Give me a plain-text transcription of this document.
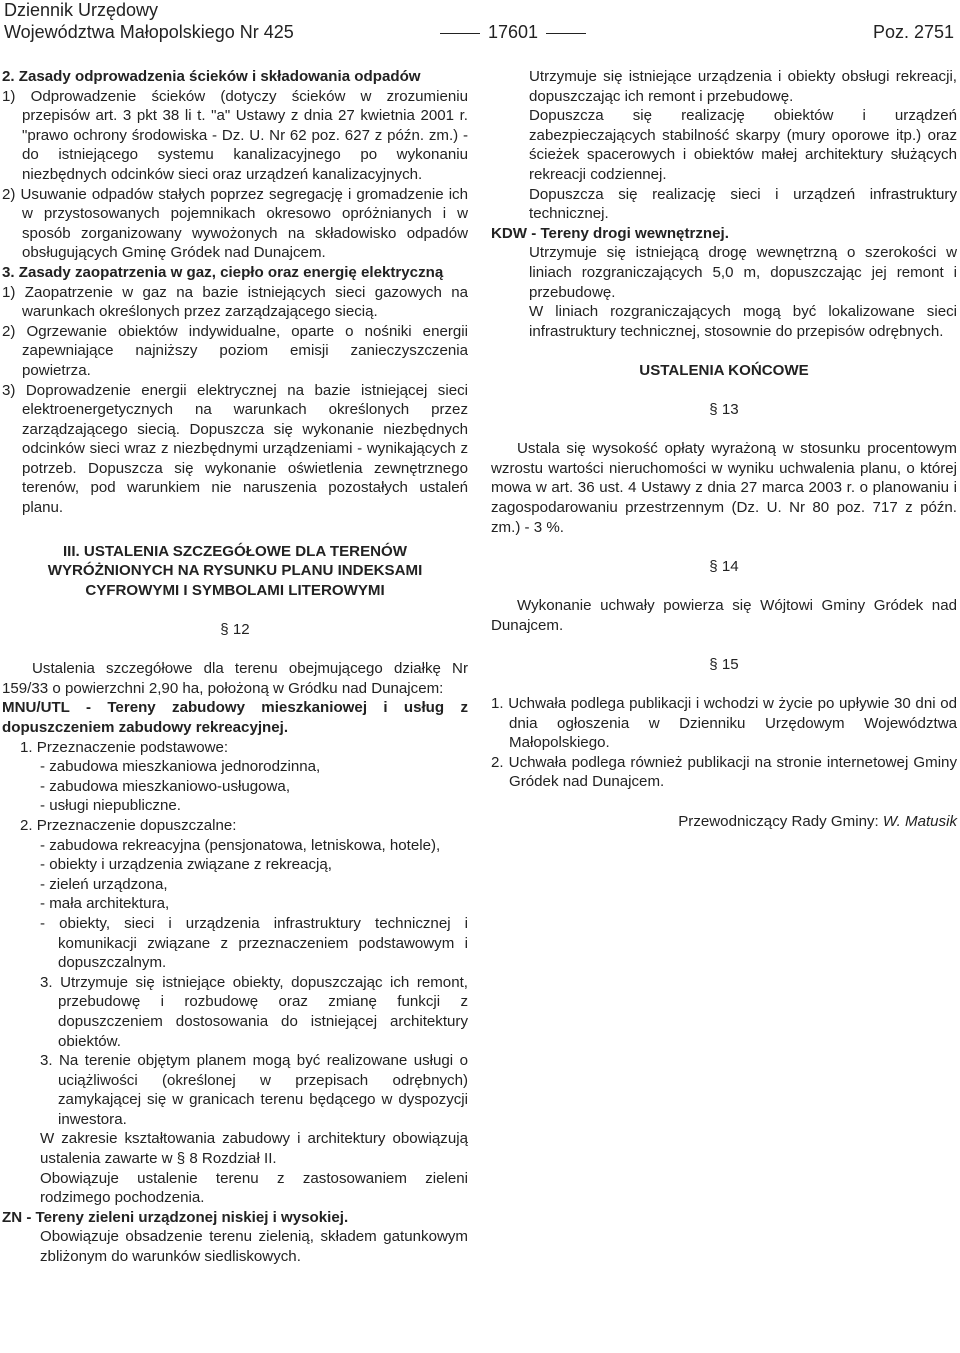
Dziennik Urzędowy
Województwa Małopolskiego Nr 425	17601	Poz. 2751

2. Zasady odprowadzenia ścieków i składowania odpadów

1) Odprowadzenie ścieków (dotyczy ścieków w zrozumieniu przepisów art. 3 pkt 38 li t. "a" Ustawy z dnia 27 kwietnia 2001 r. "prawo ochrony środowiska - Dz. U. Nr 62 poz. 627 z późn. zm.) - do istniejącego systemu kanalizacyjnego po wykonaniu niezbędnych odcinków sieci oraz urządzeń kanalizacyjnych.

2) Usuwanie odpadów stałych poprzez segregację i gromadzenie ich w przystosowanych pojemnikach okresowo opróżnianych i w sposób zorganizowany wywożonych na składowisko odpadów obsługujących Gminę Gródek nad Dunajcem.

3. Zasady zaopatrzenia w gaz, ciepło oraz energię elektryczną

1) Zaopatrzenie w gaz na bazie istniejących sieci gazowych na warunkach określonych przez zarządzającego siecią.

2) Ogrzewanie obiektów indywidualne, oparte o nośniki energii zapewniające najniższy poziom emisji zanieczyszczenia powietrza.

3) Doprowadzenie energii elektrycznej na bazie istniejącej sieci elektroenergetycznych na warunkach określonych przez zarządzającego siecią. Dopuszcza się wykonanie niezbędnych odcinków sieci wraz z niezbędnymi urządzeniami - wynikających z potrzeb. Dopuszcza się wykonanie oświetlenia zewnętrznego terenów, pod warunkiem nie naruszenia pozostałych ustaleń planu.

III. USTALENIA SZCZEGÓŁOWE DLA TERENÓW

WYRÓŻNIONYCH NA RYSUNKU PLANU INDEKSAMI

CYFROWYMI I SYMBOLAMI LITEROWYMI

§ 12

Ustalenia szczegółowe dla terenu obejmującego działkę Nr 159/33 o powierzchni 2,90 ha, położoną w Gródku nad Dunajcem:

MNU/UTL - Tereny zabudowy mieszkaniowej i usług z dopuszczeniem zabudowy rekreacyjnej.

1. Przeznaczenie podstawowe:

- zabudowa mieszkaniowa jednorodzinna,

- zabudowa mieszkaniowo-usługowa,

- usługi niepubliczne.

2. Przeznaczenie dopuszczalne:

- zabudowa rekreacyjna (pensjonatowa, letniskowa, hotele),

- obiekty i urządzenia związane z rekreacją,

- zieleń urządzona,

- mała architektura,

- obiekty, sieci i urządzenia infrastruktury technicznej i komunikacji związane z przeznaczeniem podstawowym i dopuszczalnym.

3. Utrzymuje się istniejące obiekty, dopuszczając ich remont, przebudowę i rozbudowę oraz zmianę funkcji z dopuszczeniem dostosowania do istniejącej architektury obiektów.

3. Na terenie objętym planem mogą być realizowane usługi o uciążliwości (określonej w przepisach odrębnych) zamykającej się w granicach terenu będącego w dyspozycji inwestora.

W zakresie kształtowania zabudowy i architektury obowiązują ustalenia zawarte w § 8 Rozdział II.

Obowiązuje ustalenie terenu z zastosowaniem zieleni rodzimego pochodzenia.

ZN - Tereny zieleni urządzonej niskiej i wysokiej.

Obowiązuje obsadzenie terenu zielenią, składem gatunkowym zbliżonym do warunków siedliskowych.

Utrzymuje się istniejące urządzenia i obiekty obsługi rekreacji, dopuszczając ich remont i przebudowę.

Dopuszcza się realizację obiektów i urządzeń zabezpieczających stabilność skarpy (mury oporowe itp.) oraz ścieżek spacerowych i obiektów małej architektury służących rekreacji codziennej.

Dopuszcza się realizację sieci i urządzeń infrastruktury technicznej.

KDW - Tereny drogi wewnętrznej.

Utrzymuje się istniejącą drogę wewnętrzną o szerokości w liniach rozgraniczających 5,0 m, dopuszczając jej remont i przebudowę.

W liniach rozgraniczających mogą być lokalizowane sieci infrastruktury technicznej, stosownie do przepisów odrębnych.

USTALENIA KOŃCOWE

§ 13

Ustala się wysokość opłaty wyrażoną w stosunku procentowym wzrostu wartości nieruchomości w wyniku uchwalenia planu, o której mowa w art. 36 ust. 4 Ustawy z dnia 27 marca 2003 r. o planowaniu i zagospodarowaniu przestrzennym (Dz. U. Nr 80 poz. 717 z późn. zm.) - 3 %.

§ 14

Wykonanie uchwały powierza się Wójtowi Gminy Gródek nad Dunajcem.

§ 15

1. Uchwała podlega publikacji i wchodzi w życie po upływie 30 dni od dnia ogłoszenia w Dzienniku Urzędowym Województwa Małopolskiego.

2. Uchwała podlega również publikacji na stronie internetowej Gminy Gródek nad Dunajcem.

Przewodniczący Rady Gminy: W. Matusik
